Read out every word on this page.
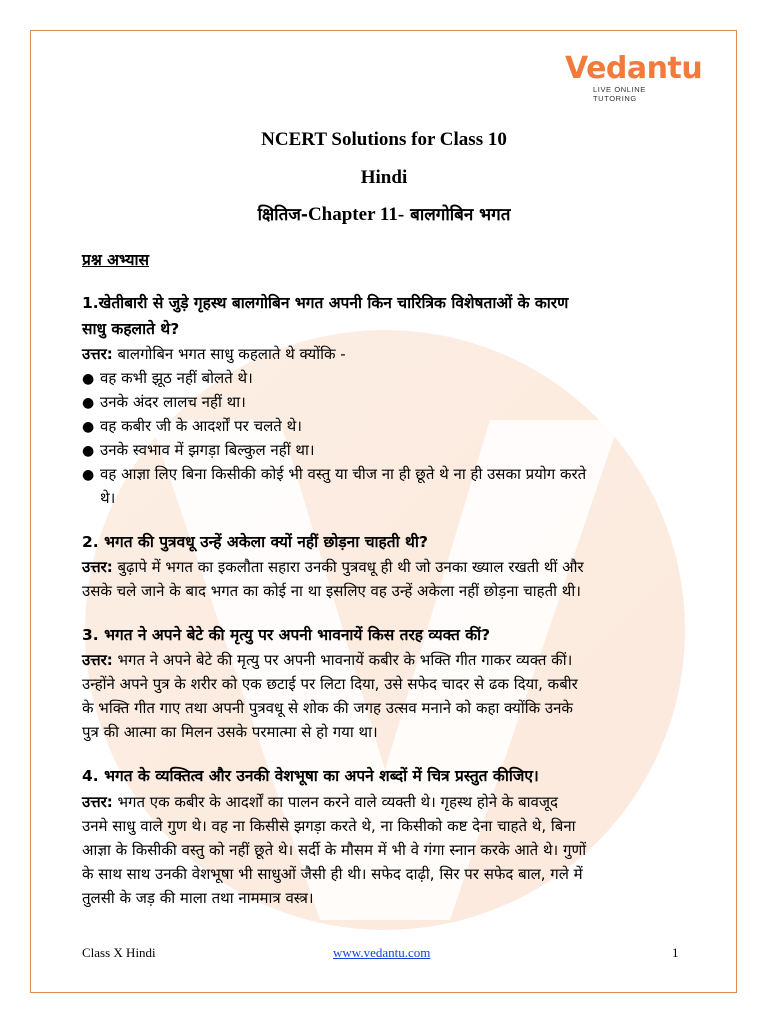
Vedantu
LIVE ONLINE TUTORING
NCERT Solutions for Class 10
Hindi
क्षितिज-Chapter 11- बालगोबिन भगत
प्रश्न अभ्यास
1.खेतीबारी से जुड़े गृहस्थ बालगोबिन भगत अपनी किन चारित्रिक विशेषताओं के कारण
साधु कहलाते थे?
उत्तर: बालगोबिन भगत साधु कहलाते थे क्योंकि -
● वह कभी झूठ नहीं बोलते थे।
● उनके अंदर लालच नहीं था।
● वह कबीर जी के आदर्शों पर चलते थे।
● उनके स्वभाव में झगड़ा बिल्कुल नहीं था।
● वह आज्ञा लिए बिना किसीकी कोई भी वस्तु या चीज ना ही छूते थे ना ही उसका प्रयोग करते
थे।
2. भगत की पुत्रवधू उन्हें अकेला क्यों नहीं छोड़ना चाहती थी?
उत्तर: बुढ़ापे में भगत का इकलौता सहारा उनकी पुत्रवधू ही थी जो उनका ख्याल रखती थीं और
उसके चले जाने के बाद भगत का कोई ना था इसलिए वह उन्हें अकेला नहीं छोड़ना चाहती थी।
3. भगत ने अपने बेटे की मृत्यु पर अपनी भावनायें किस तरह व्यक्त कीं?
उत्तर: भगत ने अपने बेटे की मृत्यु पर अपनी भावनायें कबीर के भक्ति गीत गाकर व्यक्त कीं।
उन्होंने अपने पुत्र के शरीर को एक छटाई पर लिटा दिया, उसे सफेद चादर से ढक दिया, कबीर
के भक्ति गीत गाए तथा अपनी पुत्रवधू से शोक की जगह उत्सव मनाने को कहा क्योंकि उनके
पुत्र की आत्मा का मिलन उसके परमात्मा से हो गया था।
4. भगत के व्यक्तित्व और उनकी वेशभूषा का अपने शब्दों में चित्र प्रस्तुत कीजिए।
उत्तर: भगत एक कबीर के आदर्शों का पालन करने वाले व्यक्ती थे। गृहस्थ होने के बावजूद
उनमे साधु वाले गुण थे। वह ना किसीसे झगड़ा करते थे, ना किसीको कष्ट देना चाहते थे, बिना
आज्ञा के किसीकी वस्तु को नहीं छूते थे। सर्दी के मौसम में भी वे गंगा स्नान करके आते थे। गुणों
के साथ साथ उनकी वेशभूषा भी साधुओं जैसी ही थी। सफेद दाढ़ी, सिर पर सफेद बाल, गले में
तुलसी के जड़ की माला तथा नाममात्र वस्त्र।
Class X Hindi	www.vedantu.com	1
